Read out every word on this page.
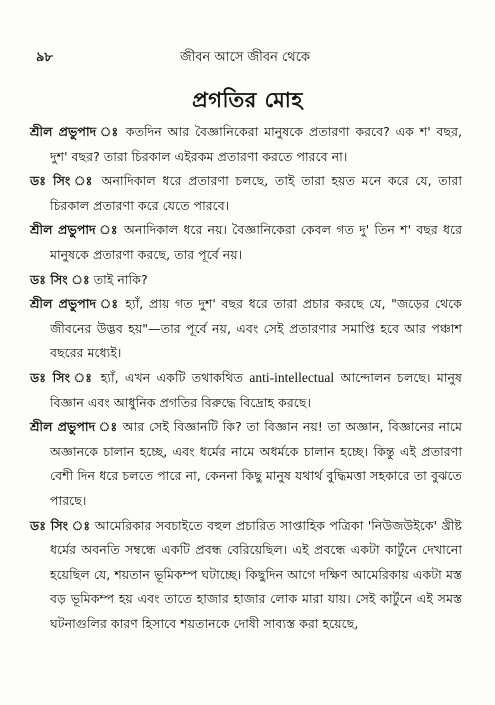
৯৮	জীবন আসে জীবন থেকে
প্রগতির মোহ

শ্রীল প্রভুপাদ ঃ কতদিন আর বৈজ্ঞানিকেরা মানুষকে প্রতারণা করবে? এক শ' বছর, দুশ' বছর? তারা চিরকাল এইরকম প্রতারণা করতে পারবে না।

ডঃ সিং ঃ অনাদিকাল ধরে প্রতারণা চলছে, তাই তারা হয়ত মনে করে যে, তারা চিরকাল প্রতারণা করে যেতে পারবে।

শ্রীল প্রভুপাদ ঃ অনাদিকাল ধরে নয়। বৈজ্ঞানিকেরা কেবল গত দু' তিন শ' বছর ধরে মানুষকে প্রতারণা করছে, তার পূর্বে নয়।

ডঃ সিং ঃ তাই নাকি?

শ্রীল প্রভুপাদ ঃ হ্যাঁ, প্রায় গত দুশ' বছর ধরে তারা প্রচার করছে যে, "জড়ের থেকে জীবনের উদ্ভব হয়"—তার পূর্বে নয়, এবং সেই প্রতারণার সমাপ্তি হবে আর পঞ্চাশ বছরের মধ্যেই।

ডঃ সিং ঃ হ্যাঁ, এখন একটি তথাকথিত anti-intellectual আন্দোলন চলছে। মানুষ বিজ্ঞান এবং আধুনিক প্রগতির বিরুদ্ধে বিদ্রোহ করছে।

শ্রীল প্রভুপাদ ঃ আর সেই বিজ্ঞানটি কি? তা বিজ্ঞান নয়! তা অজ্ঞান, বিজ্ঞানের নামে অজ্ঞানকে চালান হচ্ছে, এবং ধর্মের নামে অধর্মকে চালান হচ্ছে। কিন্তু এই প্রতারণা বেশী দিন ধরে চলতে পারে না, কেননা কিছু মানুষ যথার্থ বুদ্ধিমত্তা সহকারে তা বুঝতে পারছে।

ডঃ সিং ঃ আমেরিকার সবচাইতে বহুল প্রচারিত সাপ্তাহিক পত্রিকা 'নিউজউইকে' খ্রীষ্ট ধর্মের অবনতি সম্বন্ধে একটি প্রবন্ধ বেরিয়েছিল। এই প্রবন্ধে একটা কার্টুনে দেখানো হয়েছিল যে, শয়তান ভূমিকম্প ঘটাচ্ছে। কিছুদিন আগে দক্ষিণ আমেরিকায় একটা মস্ত বড় ভূমিকম্প হয় এবং তাতে হাজার হাজার লোক মারা যায়। সেই কার্টুনে এই সমস্ত ঘটনাগুলির কারণ হিসাবে শয়তানকে দোষী সাব্যস্ত করা হয়েছে,
